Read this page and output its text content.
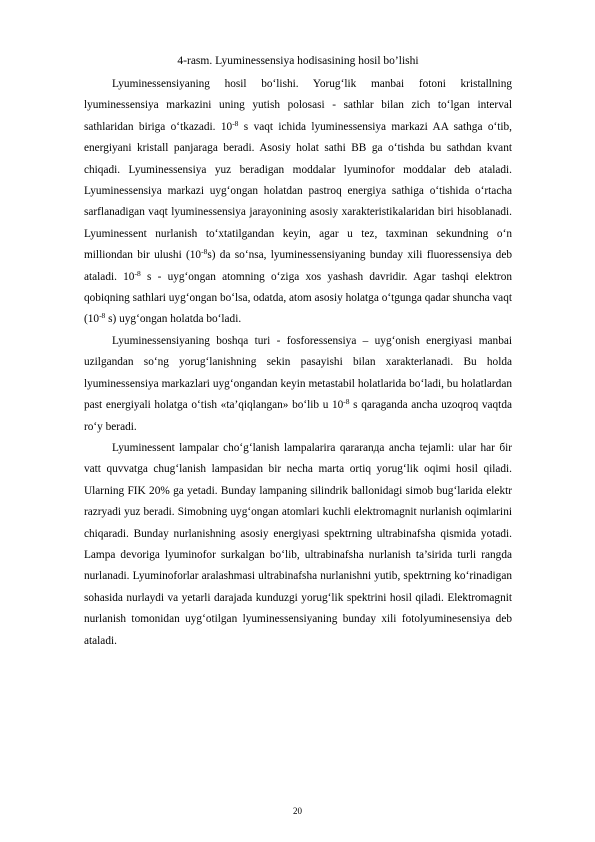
4-rasm. Lyuminessensiya hodisasining hosil bo’lishi

Lyuminessensiyaning hosil bo‘lishi. Yorug‘lik manbai fotoni kristallning lyuminessensiya markazini uning yutish polosasi - sathlar bilan zich to‘lgan interval sathlaridan biriga o‘tkazadi. $10^{-8}$ s vaqt ichida lyuminessensiya markazi AA sathga o‘tib, energiyani kristall panjaraga beradi. Asosiy holat sathi BB ga o‘tishda bu sathdan kvant chiqadi. Lyuminessensiya yuz beradigan moddalar lyuminofor moddalar deb ataladi. Lyuminessensiya markazi uyg‘ongan holatdan pastroq energiya sathiga o‘tishida o‘rtacha sarflanadigan vaqt lyuminessensiya jarayonining asosiy xarakteristikalaridan biri hisoblanadi. Lyuminessent nurlanish to‘xtatilgandan keyin, agar u tez, taxminan sekundning o‘n milliondan bir ulushi $(10^{-8}s)$ da so‘nsa, lyuminessensiyaning bunday xili fluoressensiya deb ataladi. $10^{-8}$ s - uyg‘ongan atomning o‘ziga xos yashash davridir. Agar tashqi elektron qobiqning sathlari uyg‘ongan bo‘lsa, odatda, atom asosiy holatga o‘tgunga qadar shuncha vaqt ($10^{-8}$ s) uyg‘ongan holatda bo‘ladi.

Lyuminessensiyaning boshqa turi - fosforessensiya – uyg‘onish energiyasi manbai uzilgandan so‘ng yorug‘lanishning sekin pasayishi bilan xarakterlanadi. Bu holda lyuminessensiya markazlari uyg‘ongandan keyin metastabil holatlarida bo‘ladi, bu holatlardan past energiyali holatga o‘tish «ta’qiqlangan» bo‘lib u $10^{-8}$ s qaraganda ancha uzoqroq vaqtda ro‘y beradi.

Lyuminessent lampalar cho‘g‘lanish lampalarira qararanда ancha tejamli: ular har бir vatt quvvatga chug‘lanish lampasidan bir necha marta ortiq yorug‘lik oqimi hosil qiladi. Ularning FIK 20% ga yetadi. Bunday lampaning silindrik ballonidagi simob bug‘larida elektr razryadi yuz beradi. Simobning uyg‘ongan atomlari kuchli elektromagnit nurlanish oqimlarini chiqaradi. Bunday nurlanishning asosiy energiyasi spektrning ultrabinafsha qismida yotadi. Lampa devoriga lyuminofor surkalgan bo‘lib, ultrabinafsha nurlanish ta’sirida turli rangda nurlanadi. Lyuminoforlar aralashmasi ultrabinafsha nurlanishni yutib, spektrning ko‘rinadigan sohasida nurlaydi va yetarli darajada kunduzgi yorug‘lik spektrini hosil qiladi. Elektromagnit nurlanish tomonidan uyg‘otilgan lyuminessensiyaning bunday xili fotolyuminesensiya deb ataladi.

20
